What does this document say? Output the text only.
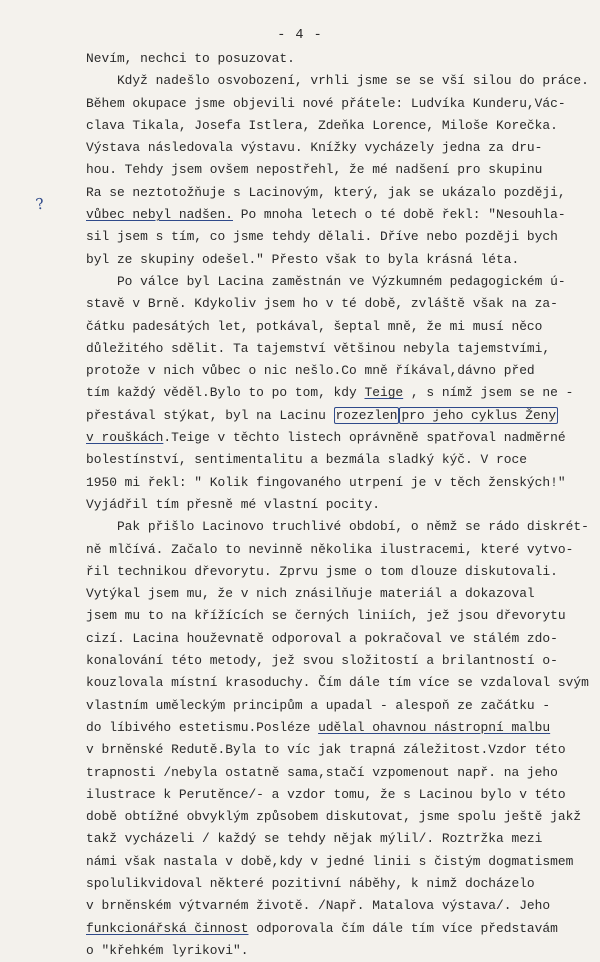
- 4 -
?
Nevím, nechci to posuzovat.
Když nadešlo osvobození, vrhli jsme se se vší silou do práce.
Během okupace jsme objevili nové přátele: Ludvíka Kunderu,Vác-
clava Tikala, Josefa Istlera, Zdeňka Lorence, Miloše Korečka.
Výstava následovala výstavu. Knížky vycházely jedna za dru-
hou. Tehdy jsem ovšem nepostřehl, že mé nadšení pro skupinu
Ra se neztotožňuje s Lacinovým, který, jak se ukázalo později,
vůbec nebyl nadšen. Po mnoha letech o té době řekl: "Nesouhla-
sil jsem s tím, co jsme tehdy dělali. Dříve nebo později bych
byl ze skupiny odešel." Přesto však to byla krásná léta.
Po válce byl Lacina zaměstnán ve Výzkumném pedagogickém ú-
stavě v Brně. Kdykoliv jsem ho v té době, zvláště však na za-
čátku padesátých let, potkával, šeptal mně, že mi musí něco
důležitého sdělit. Ta tajemství většinou nebyla tajemstvími,
protože v nich vůbec o nic nešlo.Co mně říkával,dávno před
tím každý věděl.Bylo to po tom, kdy Teige , s nímž jsem se ne -
přestával stýkat, byl na Lacinu rozezlen pro jeho cyklus Ženy
v rouškách.Teige v těchto listech oprávněně spatřoval nadměrné
bolestínství, sentimentalitu a bezmála sladký kýč. V roce
1950 mi řekl: " Kolik fingovaného utrpení je v těch ženských!"
Vyjádřil tím přesně mé vlastní pocity.
Pak přišlo Lacinovo truchlivé období, o němž se rádo diskrét-
ně mlčívá. Začalo to nevinně několika ilustracemi, které vytvo-
řil technikou dřevorytu. Zprvu jsme o tom dlouze diskutovali.
Vytýkal jsem mu, že v nich znásilňuje materiál a dokazoval
jsem mu to na křížících se černých liniích, jež jsou dřevorytu
cizí. Lacina houževnatě odporoval a pokračoval ve stálém zdo-
konalování této metody, jež svou složitostí a brilantností o-
kouzlovala místní krasoduchy. Čím dále tím více se vzdaloval svým
vlastním uměleckým principům a upadal - alespoň ze začátku -
do líbivého estetismu.Posléze udělal ohavnou nástropní malbu
v brněnské Redutě.Byla to víc jak trapná záležitost.Vzdor této
trapnosti /nebyla ostatně sama,stačí vzpomenout např. na jeho
ilustrace k Perutěnce/- a vzdor tomu, že s Lacinou bylo v této
době obtížné obvyklým způsobem diskutovat, jsme spolu ještě jakž
takž vycházeli / každý se tehdy nějak mýlil/. Roztržka mezi
námi však nastala v době,kdy v jedné linii s čistým dogmatismem
spolulikvidoval některé pozitivní náběhy, k nimž docházelo
v brněnském výtvarném životě. /Např. Matalova výstava/. Jeho
funkcionářská činnost odporovala čím dále tím více představám
o "křehkém lyrikovi".
